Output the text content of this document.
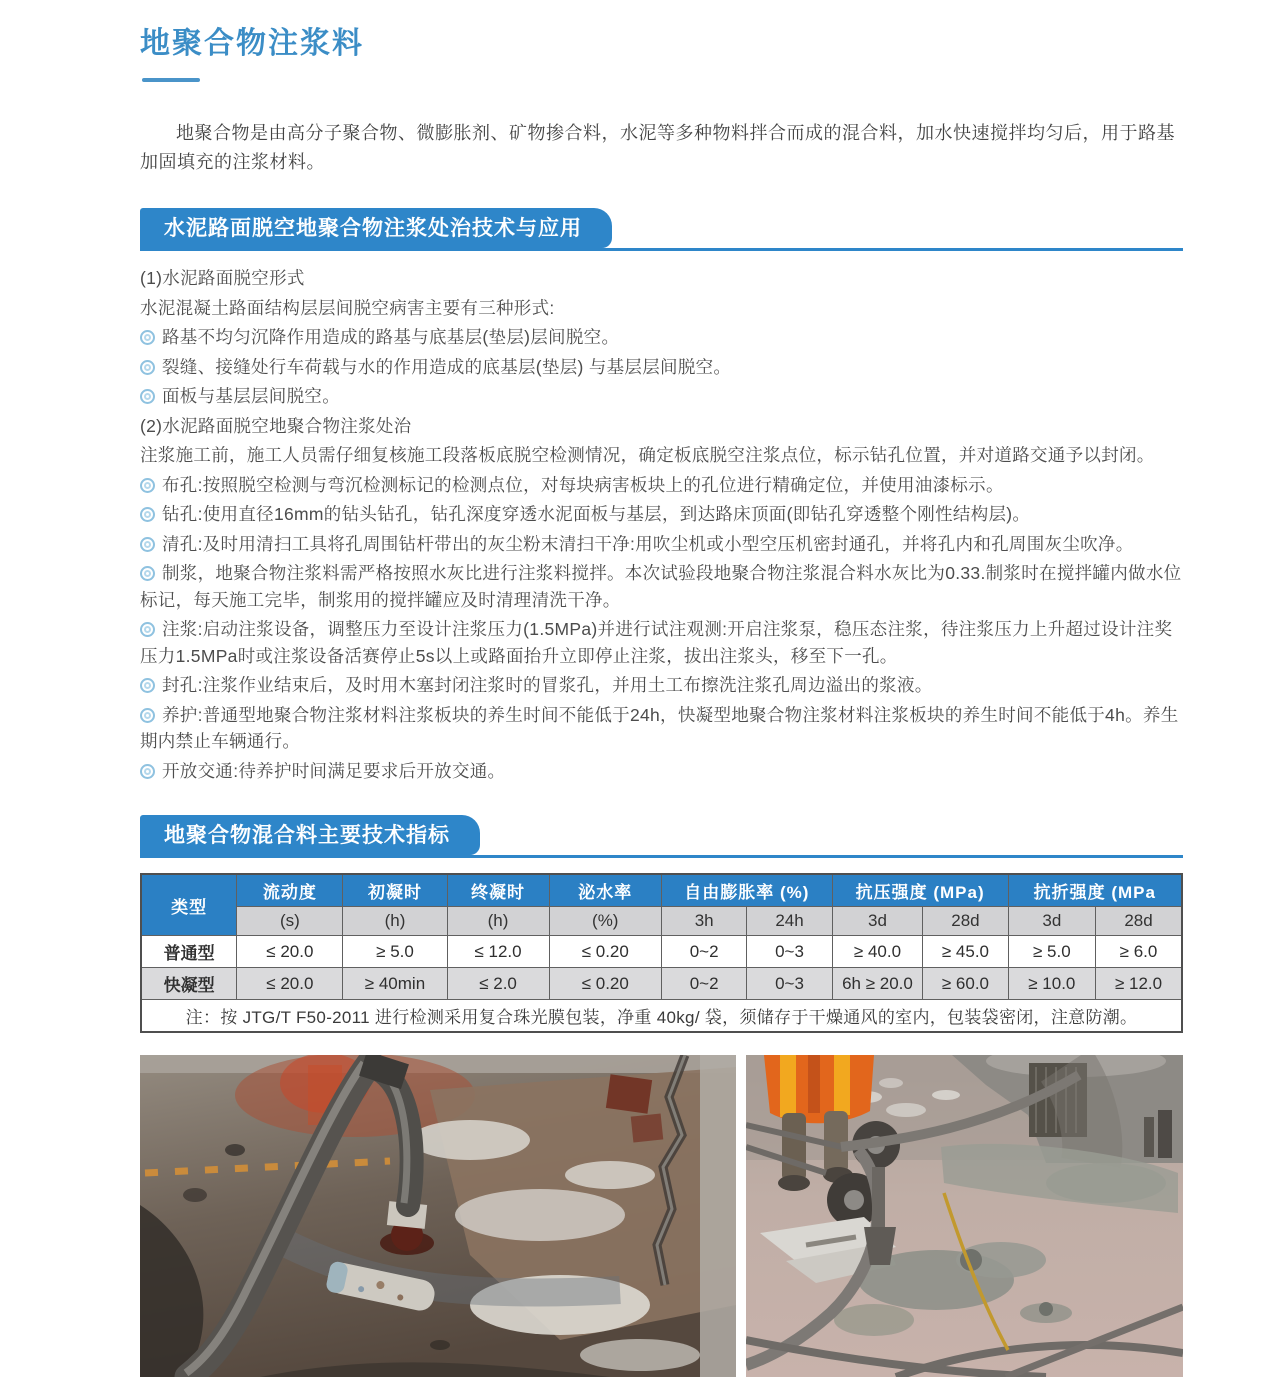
地聚合物注浆料

地聚合物是由高分子聚合物、微膨胀剂、矿物掺合料，水泥等多种物料拌合而成的混合料，加水快速搅拌均匀后，用于路基加固填充的注浆材料。

水泥路面脱空地聚合物注浆处治技术与应用
(1)水泥路面脱空形式
水泥混凝土路面结构层层间脱空病害主要有三种形式:
路基不均匀沉降作用造成的路基与底基层(垫层)层间脱空。
裂缝、接缝处行车荷载与水的作用造成的底基层(垫层) 与基层层间脱空。
面板与基层层间脱空。
(2)水泥路面脱空地聚合物注浆处治
注浆施工前，施工人员需仔细复核施工段落板底脱空检测情况，确定板底脱空注浆点位，标示钻孔位置，并对道路交通予以封闭。
布孔:按照脱空检测与弯沉检测标记的检测点位，对每块病害板块上的孔位进行精确定位，并使用油漆标示。
钻孔:使用直径16mm的钻头钻孔，钻孔深度穿透水泥面板与基层，到达路床顶面(即钻孔穿透整个刚性结构层)。
清孔:及时用清扫工具将孔周围钻杆带出的灰尘粉末清扫干净:用吹尘机或小型空压机密封通孔，并将孔内和孔周围灰尘吹净。
制浆，地聚合物注浆料需严格按照水灰比进行注浆料搅拌。本次试验段地聚合物注浆混合料水灰比为0.33.制浆时在搅拌罐内做水位标记，每天施工完毕，制浆用的搅拌罐应及时清理清洗干净。
注浆:启动注浆设备，调整压力至设计注浆压力(1.5MPa)并进行试注观测:开启注浆泵，稳压态注浆，待注浆压力上升超过设计注奖压力1.5MPa时或注浆设备活赛停止5s以上或路面抬升立即停止注浆，拔出注浆头，移至下一孔。
封孔:注浆作业结束后，及时用木塞封闭注浆时的冒浆孔，并用土工布擦洗注浆孔周边溢出的浆液。
养护:普通型地聚合物注浆材料注浆板块的养生时间不能低于24h，快凝型地聚合物注浆材料注浆板块的养生时间不能低于4h。养生期内禁止车辆通行。
开放交通:待养护时间满足要求后开放交通。
地聚合物混合料主要技术指标
类型	流动度	初凝时	终凝时	泌水率	自由膨胀率 (%)		抗压强度 (MPa)		抗折强度 (MPa	
	(s)	(h)	(h)	(%)	3h	24h	3d	28d	3d	28d
普通型	≤ 20.0	≥ 5.0	≤ 12.0	≤ 0.20	0~2	0~3	≥ 40.0	≥ 45.0	≥ 5.0	≥ 6.0
快凝型	≤ 20.0	≥ 40min	≤ 2.0	≤ 0.20	0~2	0~3	6h ≥ 20.0	≥ 60.0	≥ 10.0	≥ 12.0
注：按 JTG/T F50-2011 进行检测采用复合珠光膜包装，净重 40kg/ 袋，须储存于干燥通风的室内，包装袋密闭，注意防潮。										
